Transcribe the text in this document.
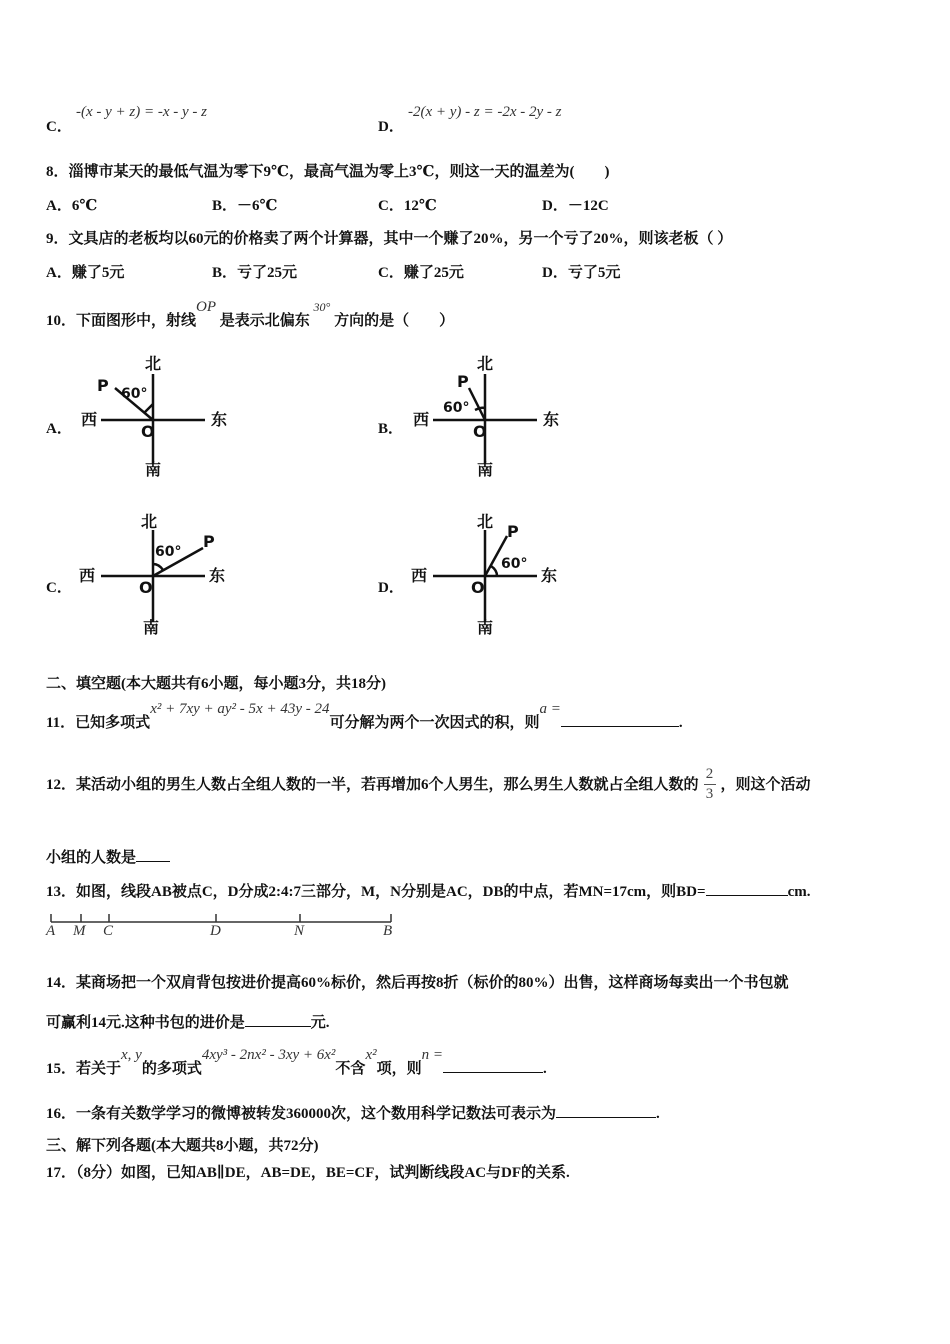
C．
-(x - y + z) = -x - y - z
D．
-2(x + y) - z = -2x - 2y - z
8．淄博市某天的最低气温为零下9℃，最高气温为零上3℃，则这一天的温差为(　　)
A．6℃	B．－6℃	C．12℃	D．－12C
9．文具店的老板均以60元的价格卖了两个计算器，其中一个赚了20%，另一个亏了20%，则该老板（ ）
A．赚了5元	B．亏了25元	C．赚了25元	D．亏了5元
10．下面图形中，射线OP 是表示北偏东 $^{30^\circ}$ 方向的是（　　）
A．
北
西	东
南
O
P 60°
B．
北
西	东
南
O
P
60°
C．
北
西	东
南
O
P
60°
D．
北
西	东
南
O
P
60°
二、填空题(本大题共有6小题，每小题3分，共18分)
11．已知多项式x² + 7xy + ay² - 5x + 43y - 24可分解为两个一次因式的积，则a =.
12．某活动小组的男生人数占全组人数的一半，若再增加6个人男生，那么男生人数就占全组人数的 $\frac{2}{3}$ ，则这个活动
小组的人数是
13．如图，线段AB被点C，D分成2:4:7三部分，M，N分别是AC，DB的中点，若MN=17cm，则BD=	cm.
A M C	D	N	B
14．某商场把一个双肩背包按进价提高60%标价，然后再按8折（标价的80%）出售，这样商场每卖出一个书包就
可赢利14元.这种书包的进价是	元.
15．若关于x, y的多项式4xy³ - 2nx² - 3xy + 6x²不含x²项，则n =.
16．一条有关数学学习的微博被转发360000次，这个数用科学记数法可表示为	.
三、解下列各题(本大题共8小题，共72分)
17．（8分）如图，已知AB∥DE，AB=DE，BE=CF，试判断线段AC与DF的关系.
